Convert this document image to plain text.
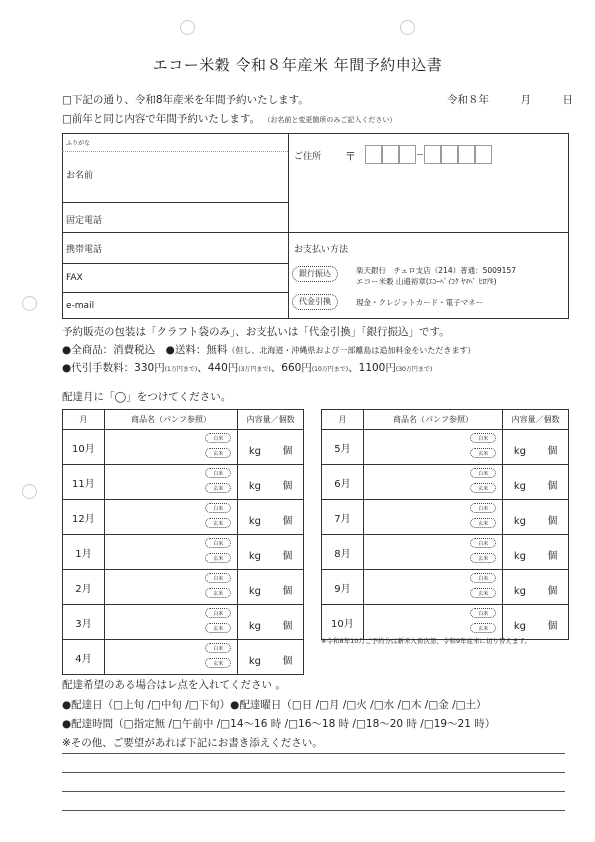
エコー米穀 令和８年産米 年間予約申込書
□下記の通り、令和8年産米を年間予約いたします。	令和８年	月	日
□前年と同じ内容で年間予約いたします。 （お名前と変更箇所のみご記入ください）
ふりがな
お名前
固定電話
携帯電話
FAX
e-mail
ご住所 〒
お支払い方法
銀行振込	楽天銀行　チェロ支店（214）普通：5009157
エコー米穀 山邉裕章(ｴｺｰﾍﾞｲｺｸ ﾔﾏﾍﾞ ﾋﾛｱｷ)
代金引換	現金・クレジットカード・電子マネー
予約販売の包装は「クラフト袋のみ」、お支払いは「代金引換」「銀行振込」です。
●全商品：消費税込　●送料：無料（但し、北海道・沖縄県および一部離島は追加料金をいただきます）
●代引手数料：330円(1万円まで)、440円(3万円まで)、660円(10万円まで)、1100円(30万円まで)
配達月に「◯」をつけてください。
月	商品名（パンフ参照）	内容量／個数
10月	白米
玄米	kg 個

11月	白米
玄米	kg 個

12月	白米
玄米	kg 個

1月	白米
玄米	kg 個

2月	白米
玄米	kg 個

3月	白米
玄米	kg 個

4月	白米
玄米	kg 個
月	商品名（パンフ参照）	内容量／個数
5月	白米
玄米	kg 個

6月	白米
玄米	kg 個

7月	白米
玄米	kg 個

8月	白米
玄米	kg 個

9月	白米
玄米	kg 個

10月	白米
玄米	kg 個
※令和8年10月ご予約分は新米入荷次第、令和9年産米に切り替えます。
配達希望のある場合はレ点を入れてください 。
●配達日（□上旬 /□中旬 /□下旬）●配達曜日（□日 /□月 /□火 /□水 /□木 /□金 /□土）
●配達時間（□指定無 /□午前中 /□14～16 時 /□16～18 時 /□18～20 時 /□19～21 時）
※その他、ご要望があれば下記にお書き添えください。
